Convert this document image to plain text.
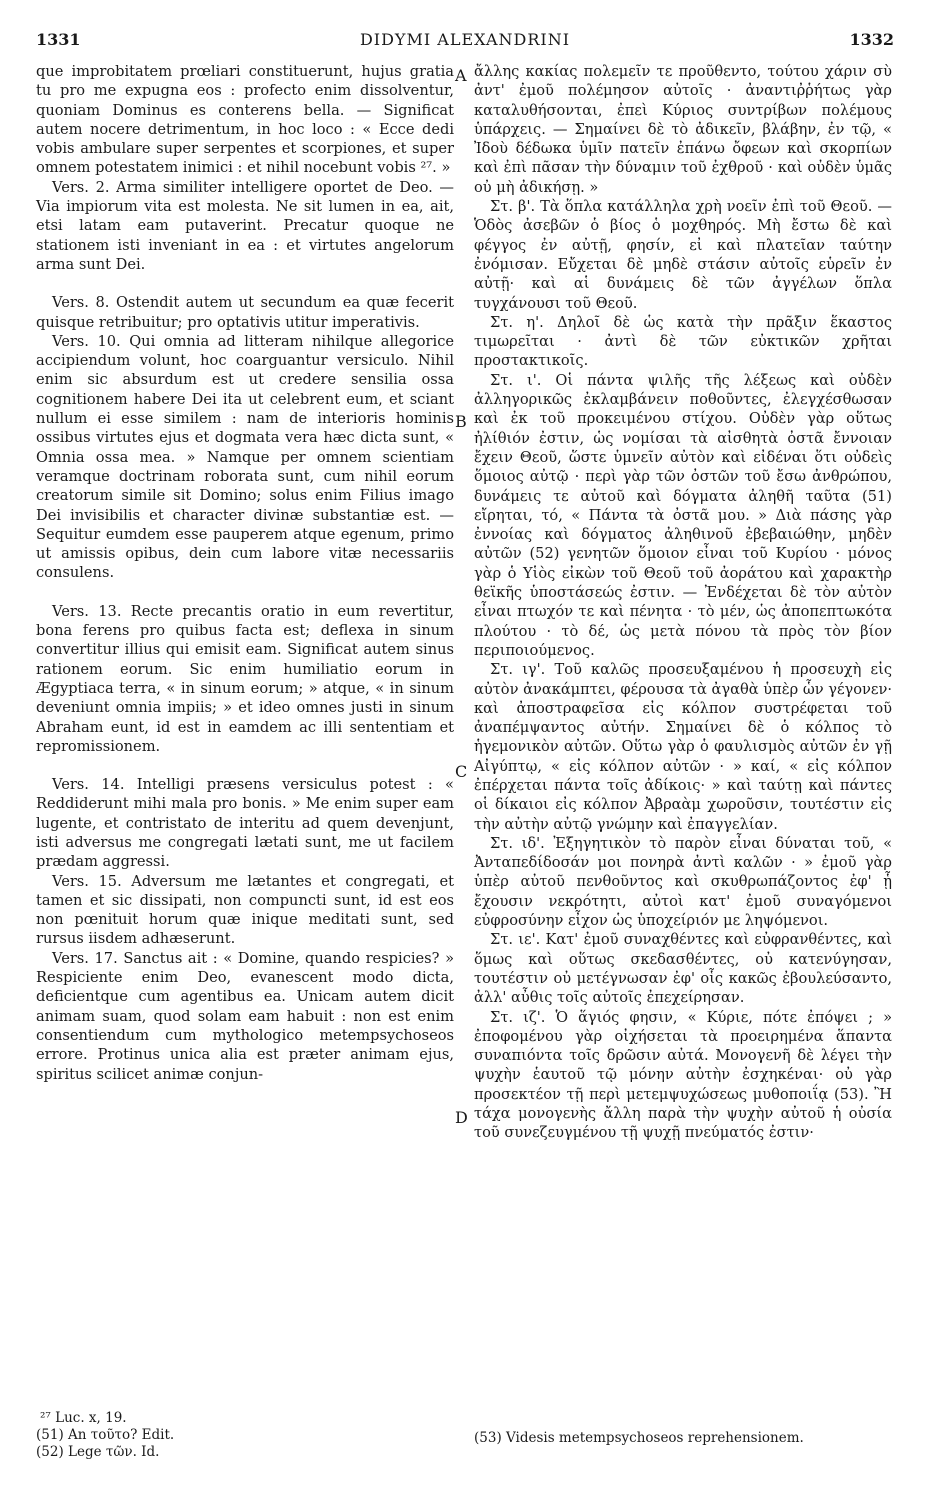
1331	DIDYMI ALEXANDRINI	1332

que improbitatem prœliari constituerunt, hujus gratia tu pro me expugna eos : profecto enim dissolventur, quoniam Dominus es conterens bella. — Significat autem nocere detrimentum, in hoc loco : « Ecce dedi vobis ambulare super serpentes et scorpiones, et super omnem potestatem inimici : et nihil nocebunt vobis ²⁷. »

Vers. 2. Arma similiter intelligere oportet de Deo. — Via impiorum vita est molesta. Ne sit lumen in ea, ait, etsi latam eam putaverint. Precatur quoque ne stationem isti inveniant in ea : et virtutes angelorum arma sunt Dei.

Vers. 8. Ostendit autem ut secundum ea quæ fecerit quisque retribuitur; pro optativis utitur imperativis.

Vers. 10. Qui omnia ad litteram nihilque allegorice accipiendum volunt, hoc coarguantur versiculo. Nihil enim sic absurdum est ut credere sensilia ossa cognitionem habere Dei ita ut celebrent eum, et sciant nullum ei esse similem : nam de interioris hominis ossibus virtutes ejus et dogmata vera hæc dicta sunt, « Omnia ossa mea. » Namque per omnem scientiam veramque doctrinam roborata sunt, cum nihil eorum creatorum simile sit Domino; solus enim Filius imago Dei invisibilis et character divinæ substantiæ est. — Sequitur eumdem esse pauperem atque egenum, primo ut amissis opibus, dein cum labore vitæ necessariis consulens.

Vers. 13. Recte precantis oratio in eum revertitur, bona ferens pro quibus facta est; deflexa in sinum convertitur illius qui emisit eam. Significat autem sinus rationem eorum. Sic enim humiliatio eorum in Ægyptiaca terra, « in sinum eorum; » atque, « in sinum deveniunt omnia impiis; » et ideo omnes justi in sinum Abraham eunt, id est in eamdem ac illi sententiam et repromissionem.

Vers. 14. Intelligi præsens versiculus potest : « Reddiderunt mihi mala pro bonis. » Me enim super eam lugente, et contristato de interitu ad quem devenjunt, isti adversus me congregati lætati sunt, me ut facilem prædam aggressi.

Vers. 15. Adversum me lætantes et congregati, et tamen et sic dissipati, non compuncti sunt, id est eos non pœnituit horum quæ inique meditati sunt, sed rursus iisdem adhæserunt.

Vers. 17. Sanctus ait : « Domine, quando respicies? » Respiciente enim Deo, evanescent modo dicta, deficientque cum agentibus ea. Unicam autem dicit animam suam, quod solam eam habuit : non est enim consentiendum cum mythologico metempsychoseos errore. Protinus unica alia est præter animam ejus, spiritus scilicet animæ conjun-

A
B
C
D

ἄλλης κακίας πολεμεῖν τε προῦθεντο, τούτου χάριν σὺ ἀντ' ἐμοῦ πολέμησον αὐτοῖς · ἀναντιῤῥήτως γὰρ καταλυθήσονται, ἐπεὶ Κύριος συντρίβων πολέμους ὑπάρχεις. — Σημαίνει δὲ τὸ ἀδικεῖν, βλάβην, ἐν τῷ, « Ἰδοὺ δέδωκα ὑμῖν πατεῖν ἐπάνω ὄφεων καὶ σκορπίων καὶ ἐπὶ πᾶσαν τὴν δύναμιν τοῦ ἐχθροῦ · καὶ οὐδὲν ὑμᾶς οὐ μὴ ἀδικήσῃ. »

Στ. β'. Τὰ ὅπλα κατάλληλα χρὴ νοεῖν ἐπὶ τοῦ Θεοῦ. — Ὁδὸς ἀσεβῶν ὁ βίος ὁ μοχθηρός. Μὴ ἔστω δὲ καὶ φέγγος ἐν αὐτῇ, φησίν, εἰ καὶ πλατεῖαν ταύτην ἐνόμισαν. Εὔχεται δὲ μηδὲ στάσιν αὐτοῖς εὑρεῖν ἐν αὐτῇ· καὶ αἱ δυνάμεις δὲ τῶν ἀγγέλων ὅπλα τυγχάνουσι τοῦ Θεοῦ.

Στ. η'. Δηλοῖ δὲ ὡς κατὰ τὴν πρᾶξιν ἕκαστος τιμωρεῖται · ἀντὶ δὲ τῶν εὐκτικῶν χρῆται προστακτικοῖς.

Στ. ι'. Οἱ πάντα ψιλῆς τῆς λέξεως καὶ οὐδὲν ἀλληγορικῶς ἐκλαμβάνειν ποθοῦντες, ἐλεγχέσθωσαν καὶ ἐκ τοῦ προκειμένου στίχου. Οὐδὲν γὰρ οὕτως ἠλίθιόν ἐστιν, ὡς νομίσαι τὰ αἰσθητὰ ὀστᾶ ἔννοιαν ἔχειν Θεοῦ, ὥστε ὑμνεῖν αὐτὸν καὶ εἰδέναι ὅτι οὐδεὶς ὅμοιος αὐτῷ · περὶ γὰρ τῶν ὀστῶν τοῦ ἔσω ἀνθρώπου, δυνάμεις τε αὐτοῦ καὶ δόγματα ἀληθῆ ταῦτα (51) εἴρηται, τό, « Πάντα τὰ ὀστᾶ μου. » Διὰ πάσης γὰρ ἐννοίας καὶ δόγματος ἀληθινοῦ ἐβεβαιώθην, μηδὲν αὐτῶν (52) γενητῶν ὅμοιον εἶναι τοῦ Κυρίου · μόνος γὰρ ὁ Υἱὸς εἰκὼν τοῦ Θεοῦ τοῦ ἀοράτου καὶ χαρακτὴρ θεϊκῆς ὑποστάσεώς ἐστιν. — Ἐνδέχεται δὲ τὸν αὐτὸν εἶναι πτωχόν τε καὶ πένητα · τὸ μέν, ὡς ἀποπεπτωκότα πλούτου · τὸ δέ, ὡς μετὰ πόνου τὰ πρὸς τὸν βίον περιποιούμενος.

Στ. ιγ'. Τοῦ καλῶς προσευξαμένου ἡ προσευχὴ εἰς αὐτὸν ἀνακάμπτει, φέρουσα τὰ ἀγαθὰ ὑπὲρ ὧν γέγονεν· καὶ ἀποστραφεῖσα εἰς κόλπον συστρέφεται τοῦ ἀναπέμψαντος αὐτήν. Σημαίνει δὲ ὁ κόλπος τὸ ἡγεμονικὸν αὐτῶν. Οὕτω γὰρ ὁ φαυλισμὸς αὐτῶν ἐν γῇ Αἰγύπτῳ, « εἰς κόλπον αὐτῶν · » καί, « εἰς κόλπον ἐπέρχεται πάντα τοῖς ἀδίκοις· » καὶ ταύτῃ καὶ πάντες οἱ δίκαιοι εἰς κόλπον Ἀβραὰμ χωροῦσιν, τουτέστιν εἰς τὴν αὐτὴν αὐτῷ γνώμην καὶ ἐπαγγελίαν.

Στ. ιδ'. Ἐξηγητικὸν τὸ παρὸν εἶναι δύναται τοῦ, « Ἀνταπεδίδοσάν μοι πονηρὰ ἀντὶ καλῶν · » ἐμοῦ γὰρ ὑπὲρ αὐτοῦ πενθοῦντος καὶ σκυθρωπάζοντος ἐφ' ᾗ ἔχουσιν νεκρότητι, αὐτοὶ κατ' ἐμοῦ συναγόμενοι εὐφροσύνην εἶχον ὡς ὑποχείριόν με ληψόμενοι.

Στ. ιε'. Κατ' ἐμοῦ συναχθέντες καὶ εὐφρανθέντες, καὶ ὅμως καὶ οὕτως σκεδασθέντες, οὐ κατενύγησαν, τουτέστιν οὐ μετέγνωσαν ἐφ' οἷς κακῶς ἐβουλεύσαντο, ἀλλ' αὖθις τοῖς αὐτοῖς ἐπεχείρησαν.

Στ. ιζ'. Ὁ ἅγιός φησιν, « Κύριε, πότε ἐπόψει ; » ἐποφομένου γὰρ οἰχήσεται τὰ προειρημένα ἅπαντα συναπιόντα τοῖς δρῶσιν αὐτά. Μονογενῆ δὲ λέγει τὴν ψυχὴν ἑαυτοῦ τῷ μόνην αὐτὴν ἐσχηκέναι· οὐ γὰρ προσεκτέον τῇ περὶ μετεμψυχώσεως μυθοποιΐᾳ (53). Ἢ τάχα μονογενὴς ἄλλη παρὰ τὴν ψυχὴν αὐτοῦ ἡ οὐσία τοῦ συνεζευγμένου τῇ ψυχῇ πνεύματός ἐστιν·

²⁷ Luc. x, 19.
(51) An τοῦτο? Edit.
(52) Lege τῶν. Id.
(53) Videsis metempsychoseos reprehensionem.
